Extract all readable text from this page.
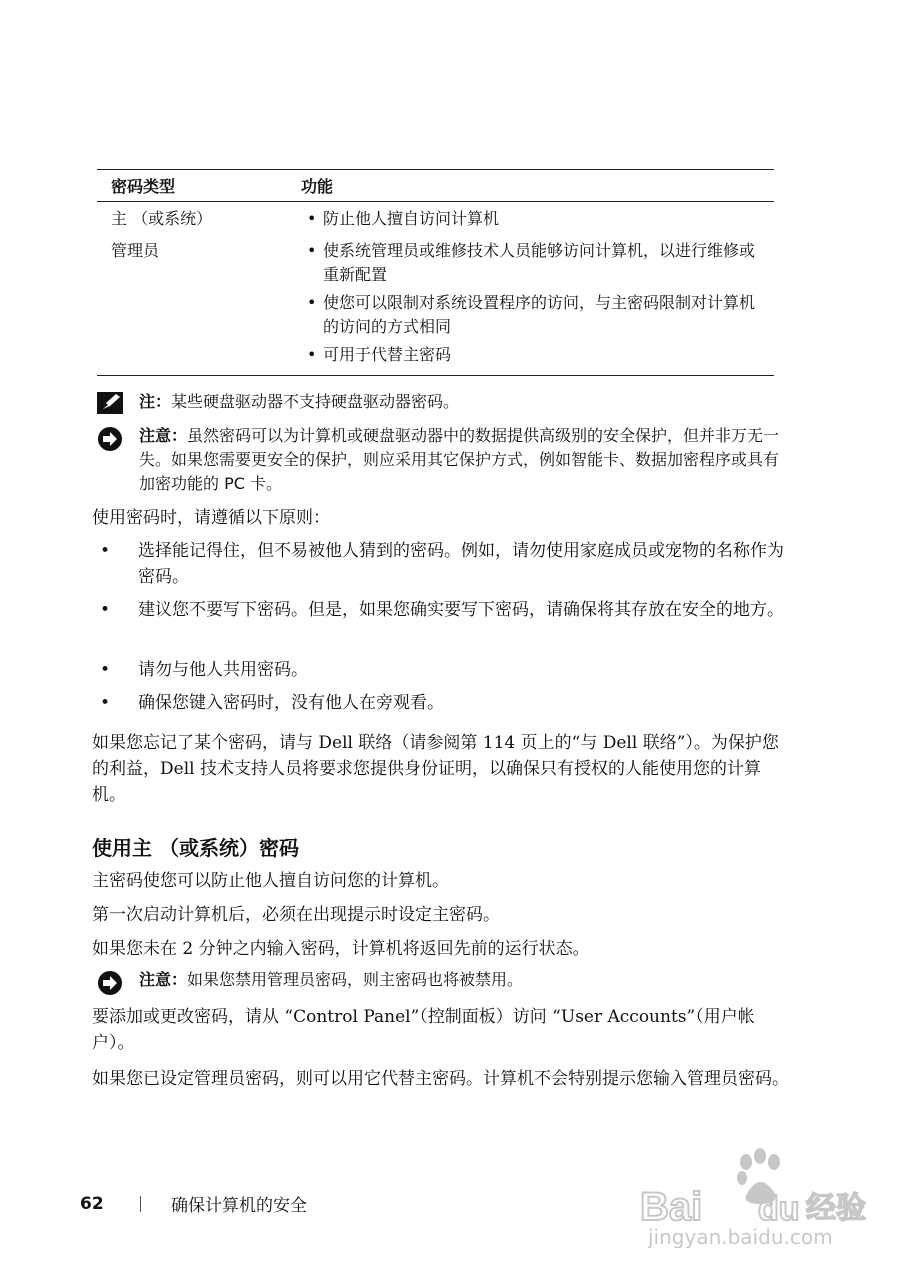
密码类型	功能
主 （或系统）	• 防止他人擅自访问计算机
管理员	• 使系统管理员或维修技术人员能够访问计算机，以进行维修或重新配置
• 使您可以限制对系统设置程序的访问，与主密码限制对计算机的访问的方式相同
• 可用于代替主密码
注：某些硬盘驱动器不支持硬盘驱动器密码。
注意：虽然密码可以为计算机或硬盘驱动器中的数据提供高级别的安全保护，但并非万无一失。如果您需要更安全的保护，则应采用其它保护方式，例如智能卡、数据加密程序或具有加密功能的 PC 卡。
使用密码时，请遵循以下原则：
• 选择能记得住，但不易被他人猜到的密码。例如，请勿使用家庭成员或宠物的名称作为密码。
• 建议您不要写下密码。但是，如果您确实要写下密码，请确保将其存放在安全的地方。
• 请勿与他人共用密码。
• 确保您键入密码时，没有他人在旁观看。
如果您忘记了某个密码，请与 Dell 联络（请参阅第 114 页上的“与 Dell 联络”）。为保护您的利益，Dell 技术支持人员将要求您提供身份证明，以确保只有授权的人能使用您的计算机。
使用主 （或系统）密码
主密码使您可以防止他人擅自访问您的计算机。
第一次启动计算机后，必须在出现提示时设定主密码。
如果您未在 2 分钟之内输入密码，计算机将返回先前的运行状态。
注意：如果您禁用管理员密码，则主密码也将被禁用。
要添加或更改密码，请从 “Control Panel”（控制面板）访问 “User Accounts”（用户帐户）。
如果您已设定管理员密码，则可以用它代替主密码。计算机不会特别提示您输入管理员密码。
62	确保计算机的安全	Bai du 经验
jingyan.baidu.com
